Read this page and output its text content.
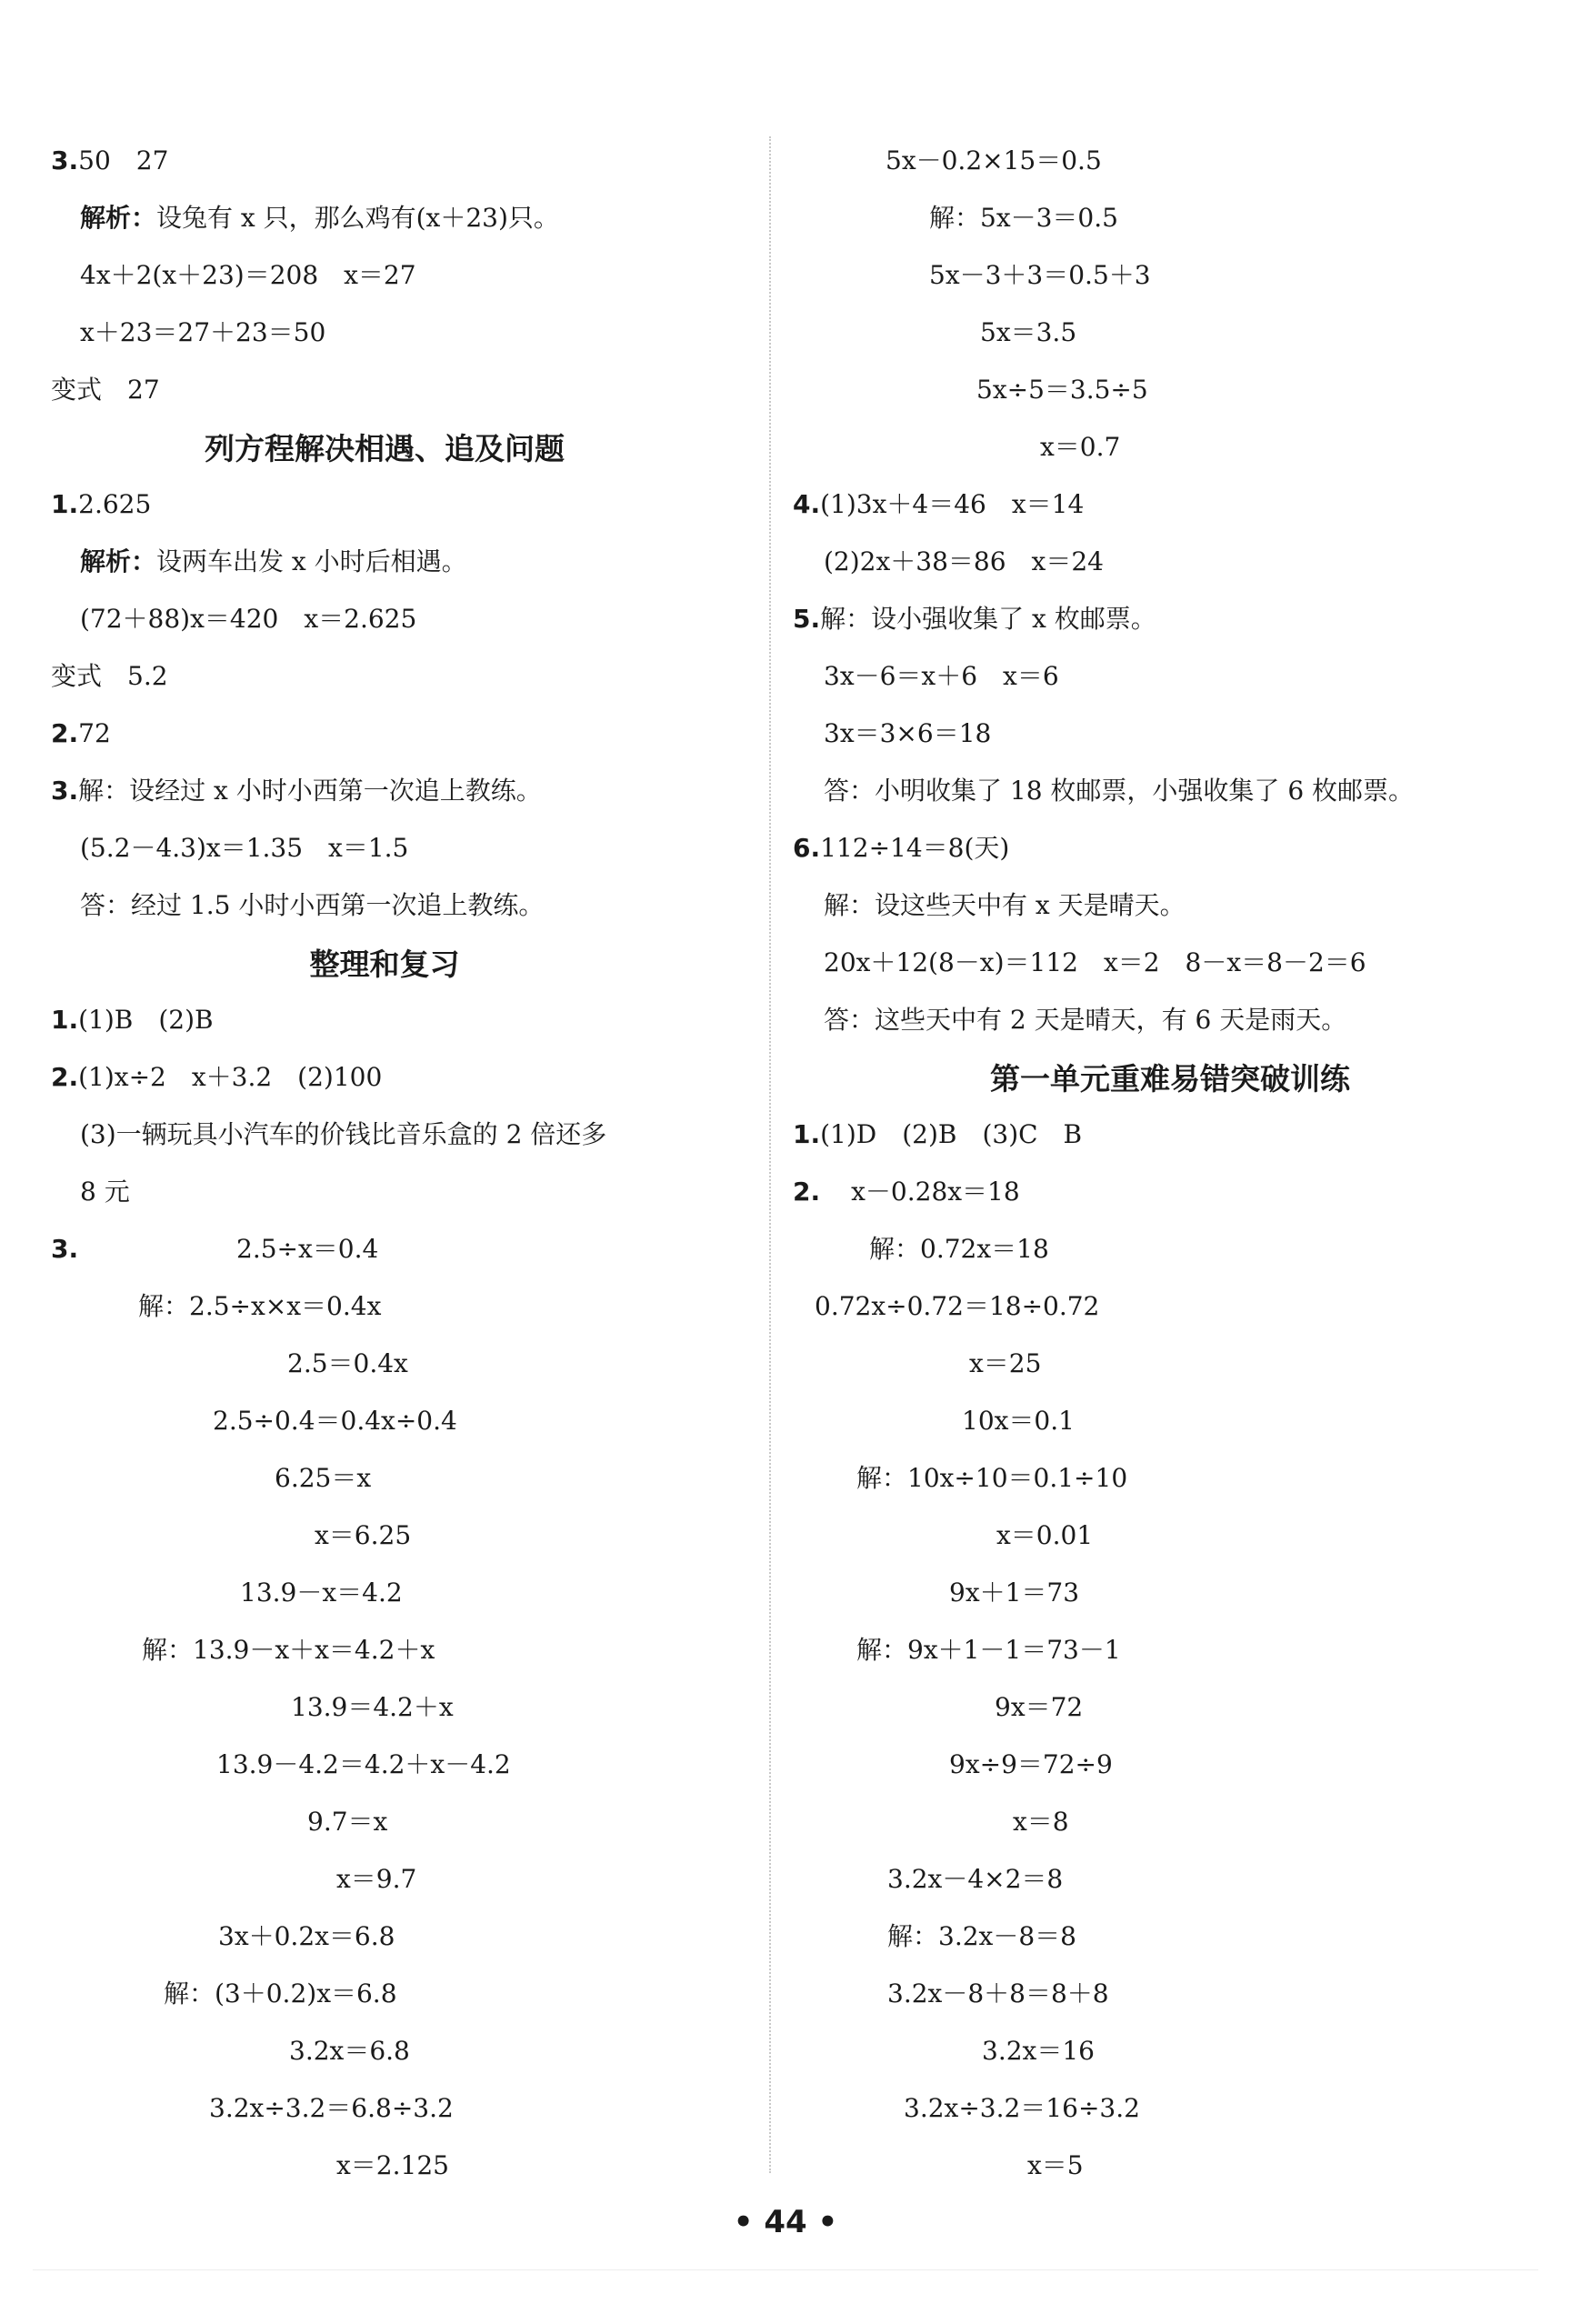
3.50　27
解析：设兔有 x 只，那么鸡有(x＋23)只。
4x＋2(x＋23)＝208　x＝27
x＋23＝27＋23＝50
变式　27
列方程解决相遇、追及问题
1.2.625
解析：设两车出发 x 小时后相遇。
(72＋88)x＝420　x＝2.625
变式　5.2
2.72
3.解：设经过 x 小时小西第一次追上教练。
(5.2－4.3)x＝1.35　x＝1.5
答：经过 1.5 小时小西第一次追上教练。
整理和复习
1.(1)B　(2)B
2.(1)x÷2　x＋3.2　(2)100
(3)一辆玩具小汽车的价钱比音乐盒的 2 倍还多
8 元
3.	2.5÷x＝0.4
解：2.5÷x×x＝0.4x
2.5＝0.4x
2.5÷0.4＝0.4x÷0.4
6.25＝x
x＝6.25
13.9－x＝4.2
解：13.9－x＋x＝4.2＋x
13.9＝4.2＋x
13.9－4.2＝4.2＋x－4.2
9.7＝x
x＝9.7
3x＋0.2x＝6.8
解：(3＋0.2)x＝6.8
3.2x＝6.8
3.2x÷3.2＝6.8÷3.2
x＝2.125
5x－0.2×15＝0.5
解：5x－3＝0.5
5x－3＋3＝0.5＋3
5x＝3.5
5x÷5＝3.5÷5
x＝0.7
4.(1)3x＋4＝46　x＝14
(2)2x＋38＝86　x＝24
5.解：设小强收集了 x 枚邮票。
3x－6＝x＋6　x＝6
3x＝3×6＝18
答：小明收集了 18 枚邮票，小强收集了 6 枚邮票。
6.112÷14＝8(天)
解：设这些天中有 x 天是晴天。
20x＋12(8－x)＝112　x＝2　8－x＝8－2＝6
答：这些天中有 2 天是晴天，有 6 天是雨天。
第一单元重难易错突破训练
1.(1)D　(2)B　(3)C　B
2. x－0.28x＝18
解：0.72x＝18
0.72x÷0.72＝18÷0.72
x＝25
10x＝0.1
解：10x÷10＝0.1÷10
x＝0.01
9x＋1＝73
解：9x＋1－1＝73－1
9x＝72
9x÷9＝72÷9
x＝8
3.2x－4×2＝8
解：3.2x－8＝8
3.2x－8＋8＝8＋8
3.2x＝16
3.2x÷3.2＝16÷3.2
x＝5
• 44 •
